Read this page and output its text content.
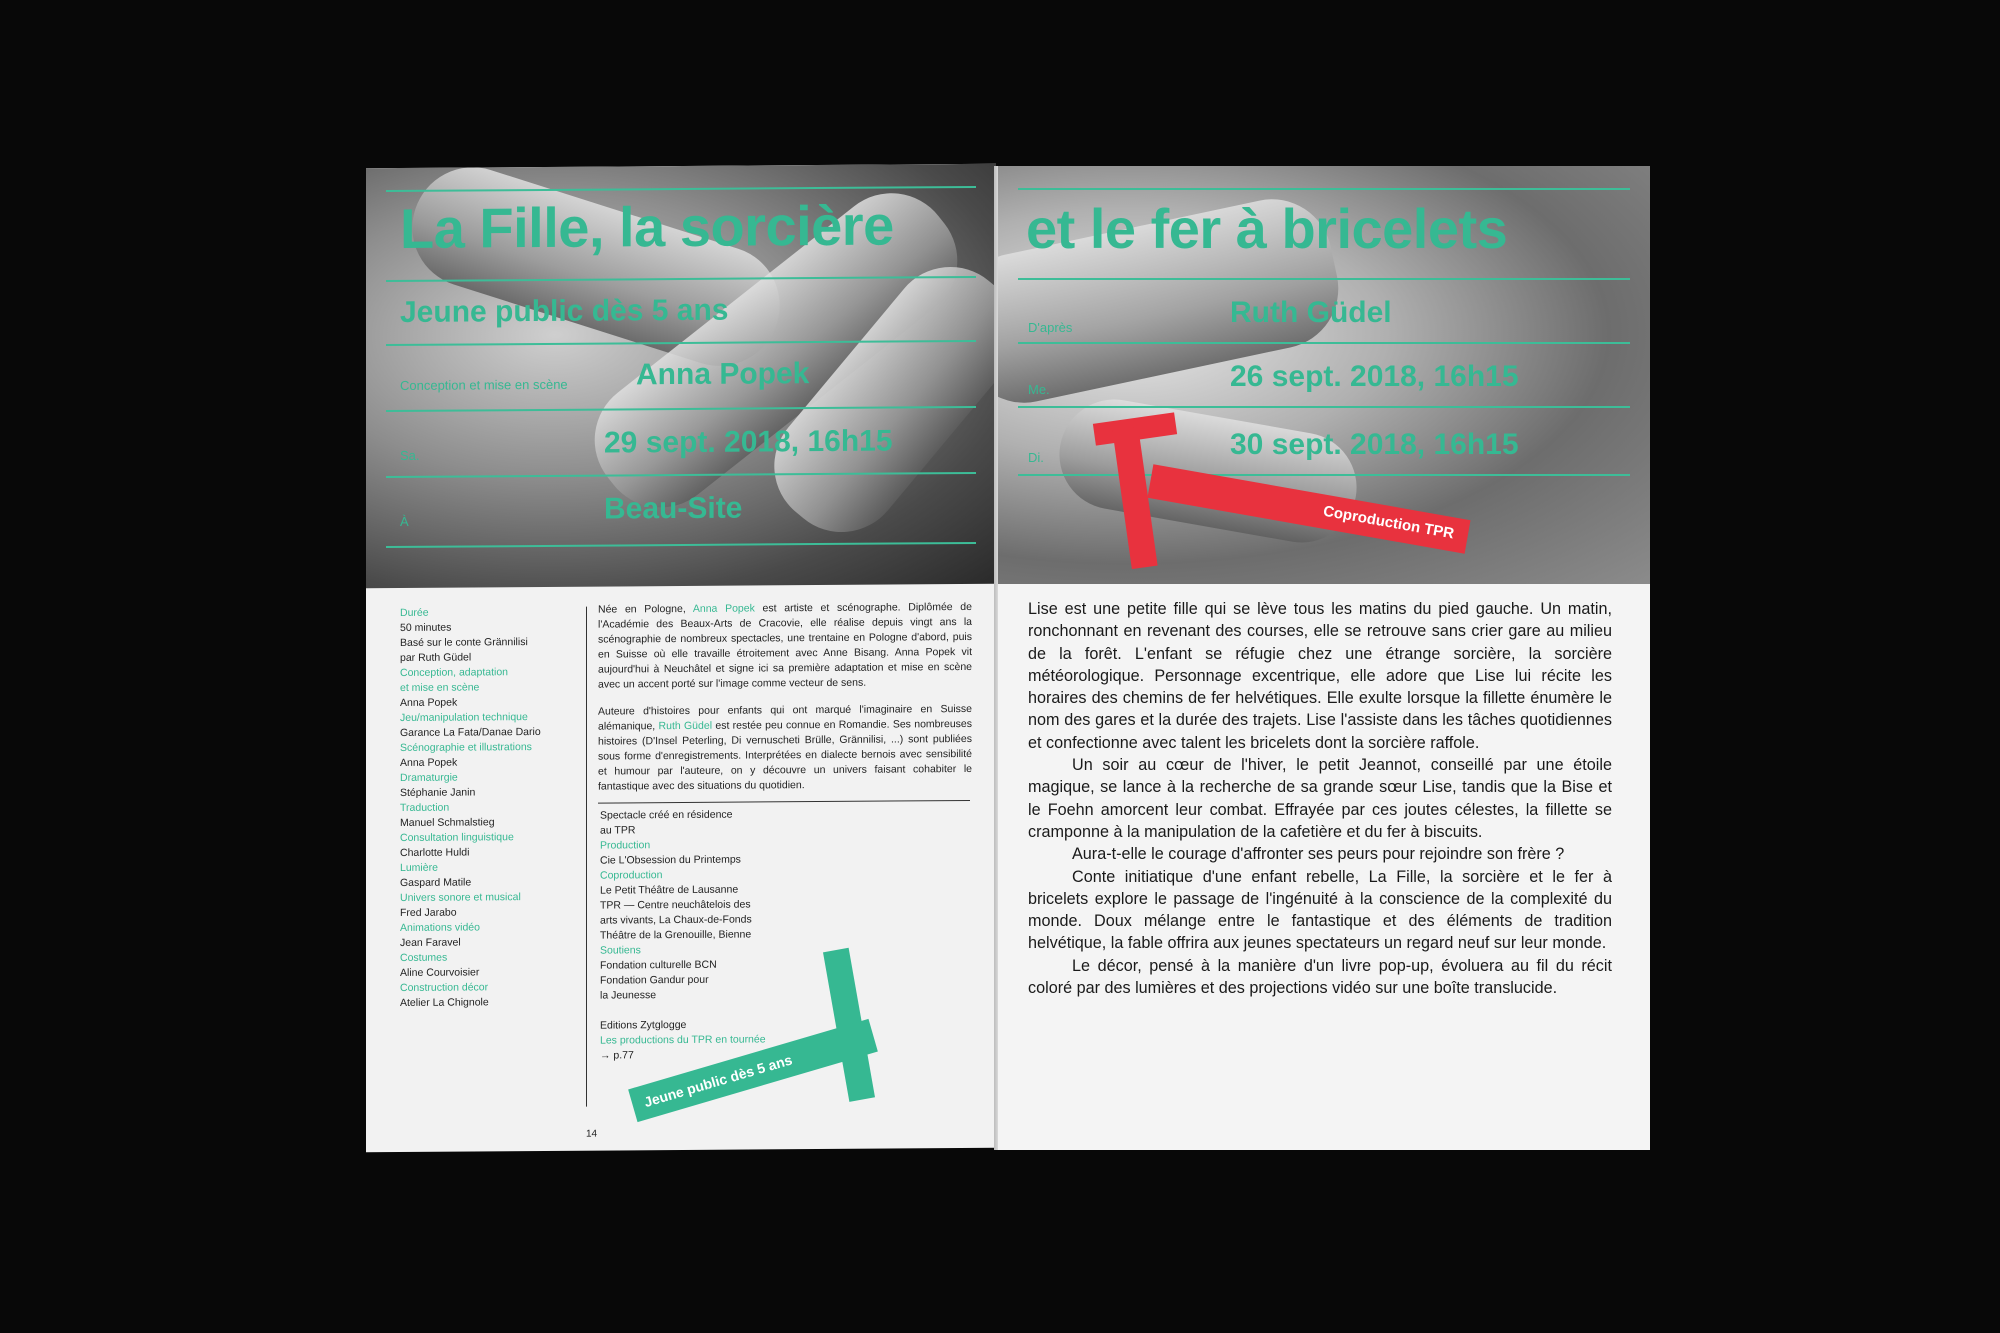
La Fille, la sorcière
Jeune public dès 5 ans
Conception et mise en scène Anna Popek
Sa.	29 sept. 2018, 16h15
À	Beau-Site
Durée
50 minutes
Basé sur le conte Grännilisi
par Ruth Güdel
Conception, adaptation
et mise en scène
Anna Popek
Jeu/manipulation technique
Garance La Fata/Danae Dario
Scénographie et illustrations
Anna Popek
Dramaturgie
Stéphanie Janin
Traduction
Manuel Schmalstieg
Consultation linguistique
Charlotte Huldi
Lumière
Gaspard Matile
Univers sonore et musical
Fred Jarabo
Animations vidéo
Jean Faravel
Costumes
Aline Courvoisier
Construction décor
Atelier La Chignole

Née en Pologne, Anna Popek est artiste et scénographe. Diplômée de l'Académie des Beaux-Arts de Cracovie, elle réalise depuis vingt ans la scénographie de nombreux spectacles, une trentaine en Pologne d'abord, puis en Suisse où elle travaille étroitement avec Anne Bisang. Anna Popek vit aujourd'hui à Neuchâtel et signe ici sa première adaptation et mise en scène avec un accent porté sur l'image comme vecteur de sens.

Auteure d'histoires pour enfants qui ont marqué l'imaginaire en Suisse alémanique, Ruth Güdel est restée peu connue en Romandie. Ses nombreuses histoires (D'Insel Peterling, Di vernuscheti Brülle, Grännilisi, ...) sont publiées sous forme d'enregistrements. Interprétées en dialecte bernois avec sensibilité et humour par l'auteure, on y découvre un univers faisant cohabiter le fantastique avec des situations du quotidien.

Spectacle créé en résidence
au TPR
Production
Cie L'Obsession du Printemps
Coproduction
Le Petit Théâtre de Lausanne
TPR — Centre neuchâtelois des
arts vivants, La Chaux-de-Fonds
Théâtre de la Grenouille, Bienne
Soutiens
Fondation culturelle BCN
Fondation Gandur pour
la Jeunesse
Editions Zytglogge
Les productions du TPR en tournée
→ p.77 Jeune public dès 5 ans
14
et le fer à bricelets
D'après	Ruth Güdel
Me.	26 sept. 2018, 16h15
Di.	30 sept. 2018, 16h15
Coproduction TPR

Lise est une petite fille qui se lève tous les matins du pied gauche. Un matin, ronchonnant en revenant des courses, elle se retrouve sans crier gare au milieu de la forêt. L'enfant se réfugie chez une étrange sorcière, la sorcière météorologique. Personnage excentrique, elle adore que Lise lui récite les horaires des chemins de fer helvétiques. Elle exulte lorsque la fillette énumère le nom des gares et la durée des trajets. Lise l'assiste dans les tâches quotidiennes et confectionne avec talent les bricelets dont la sorcière raffole.

Un soir au cœur de l'hiver, le petit Jeannot, conseillé par une étoile magique, se lance à la recherche de sa grande sœur Lise, tandis que la Bise et le Foehn amorcent leur combat. Effrayée par ces joutes célestes, la fillette se cramponne à la manipulation de la cafetière et du fer à biscuits.

Aura-t-elle le courage d'affronter ses peurs pour rejoindre son frère ?

Conte initiatique d'une enfant rebelle, La Fille, la sorcière et le fer à bricelets explore le passage de l'ingénuité à la conscience de la complexité du monde. Doux mélange entre le fantastique et des éléments de tradition helvétique, la fable offrira aux jeunes spectateurs un regard neuf sur leur monde.

Le décor, pensé à la manière d'un livre pop-up, évoluera au fil du récit coloré par des lumières et des projections vidéo sur une boîte translucide.
